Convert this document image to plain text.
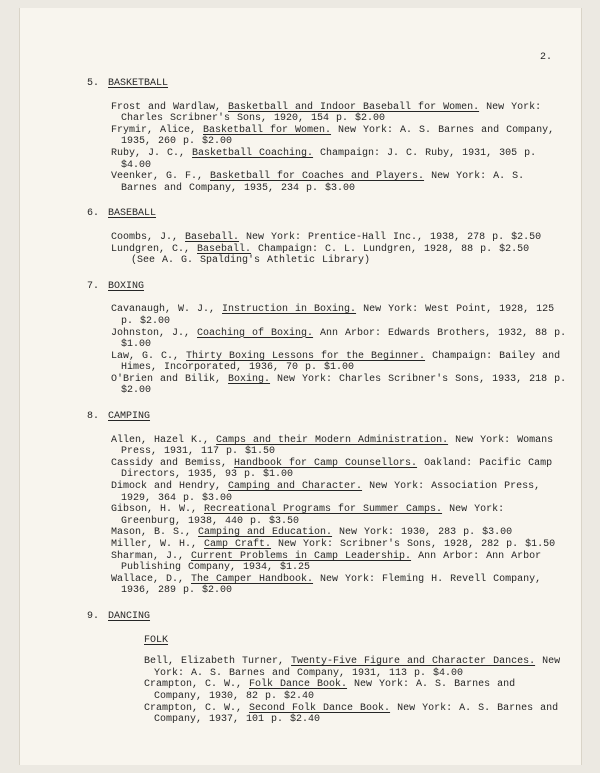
2.

5. BASKETBALL

Frost and Wardlaw, Basketball and Indoor Baseball for Women. New York: Charles Scribner's Sons, 1920, 154 p. $2.00
Frymir, Alice, Basketball for Women. New York: A. S. Barnes and Company, 1935, 260 p. $2.00
Ruby, J. C., Basketball Coaching. Champaign: J. C. Ruby, 1931, 305 p. $4.00
Veenker, G. F., Basketball for Coaches and Players. New York: A. S. Barnes and Company, 1935, 234 p. $3.00

6. BASEBALL

Coombs, J., Baseball. New York: Prentice-Hall Inc., 1938, 278 p. $2.50
Lundgren, C., Baseball. Champaign: C. L. Lundgren, 1928, 88 p. $2.50
(See A. G. Spalding's Athletic Library)

7. BOXING

Cavanaugh, W. J., Instruction in Boxing. New York: West Point, 1928, 125 p. $2.00
Johnston, J., Coaching of Boxing. Ann Arbor: Edwards Brothers, 1932, 88 p. $1.00
Law, G. C., Thirty Boxing Lessons for the Beginner. Champaign: Bailey and Himes, Incorporated, 1936, 70 p. $1.00
O'Brien and Bilik, Boxing. New York: Charles Scribner's Sons, 1933, 218 p. $2.00

8. CAMPING

Allen, Hazel K., Camps and their Modern Administration. New York: Womans Press, 1931, 117 p. $1.50
Cassidy and Bemiss, Handbook for Camp Counsellors. Oakland: Pacific Camp Directors, 1935, 93 p. $1.00
Dimock and Hendry, Camping and Character. New York: Association Press, 1929, 364 p. $3.00
Gibson, H. W., Recreational Programs for Summer Camps. New York: Greenburg, 1938, 440 p. $3.50
Mason, B. S., Camping and Education. New York: 1930, 283 p. $3.00
Miller, W. H., Camp Craft. New York: Scribner's Sons, 1928, 282 p. $1.50
Sharman, J., Current Problems in Camp Leadership. Ann Arbor: Ann Arbor Publishing Company, 1934, $1.25
Wallace, D., The Camper Handbook. New York: Fleming H. Revell Company, 1936, 289 p. $2.00

9. DANCING

FOLK

Bell, Elizabeth Turner, Twenty-Five Figure and Character Dances. New York: A. S. Barnes and Company, 1931, 113 p. $4.00
Crampton, C. W., Folk Dance Book. New York: A. S. Barnes and Company, 1930, 82 p. $2.40
Crampton, C. W., Second Folk Dance Book. New York: A. S. Barnes and Company, 1937, 101 p. $2.40
